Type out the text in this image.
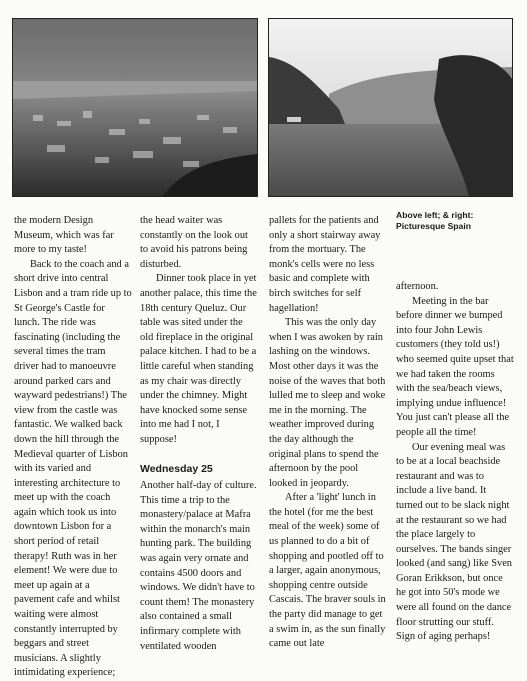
Above left; & right: Picturesque Spain

the modern Design Museum, which was far more to my taste!

Back to the coach and a short drive into central Lisbon and a tram ride up to St George's Castle for lunch. The ride was fascinating (including the several times the tram driver had to manoeuvre around parked cars and wayward pedestrians!) The view from the castle was fantastic. We walked back down the hill through the Medieval quarter of Lisbon with its varied and interesting architecture to meet up with the coach again which took us into downtown Lisbon for a short period of retail therapy! Ruth was in her element! We were due to meet up again at a pavement cafe and whilst waiting were almost constantly interrupted by beggars and street musicians. A slightly intimidating experience;

the head waiter was constantly on the look out to avoid his patrons being disturbed.

Dinner took place in yet another palace, this time the 18th century Queluz. Our table was sited under the old fireplace in the original palace kitchen. I had to be a little careful when standing as my chair was directly under the chimney. Might have knocked some sense into me had I not, I suppose!

Wednesday 25

Another half-day of culture. This time a trip to the monastery/palace at Mafra within the monarch's main hunting park. The building was again very ornate and contains 4500 doors and windows. We didn't have to count them! The monastery also contained a small infirmary complete with ventilated wooden

pallets for the patients and only a short stairway away from the mortuary. The monk's cells were no less basic and complete with birch switches for self hagellation!

This was the only day when I was awoken by rain lashing on the windows. Most other days it was the noise of the waves that both lulled me to sleep and woke me in the morning. The weather improved during the day although the original plans to spend the afternoon by the pool looked in jeopardy.

After a 'light' lunch in the hotel (for me the best meal of the week) some of us planned to do a bit of shopping and pootled off to a larger, again anonymous, shopping centre outside Cascais. The braver souls in the party did manage to get a swim in, as the sun finally came out late

afternoon.

Meeting in the bar before dinner we bumped into four John Lewis customers (they told us!) who seemed quite upset that we had taken the rooms with the sea/beach views, implying undue influence! You just can't please all the people all the time!

Our evening meal was to be at a local beachside restaurant and was to include a live band. It turned out to be slack night at the restaurant so we had the place largely to ourselves. The bands singer looked (and sang) like Sven Goran Erikkson, but once he got into 50's mode we were all found on the dance floor strutting our stuff. Sign of aging perhaps!
